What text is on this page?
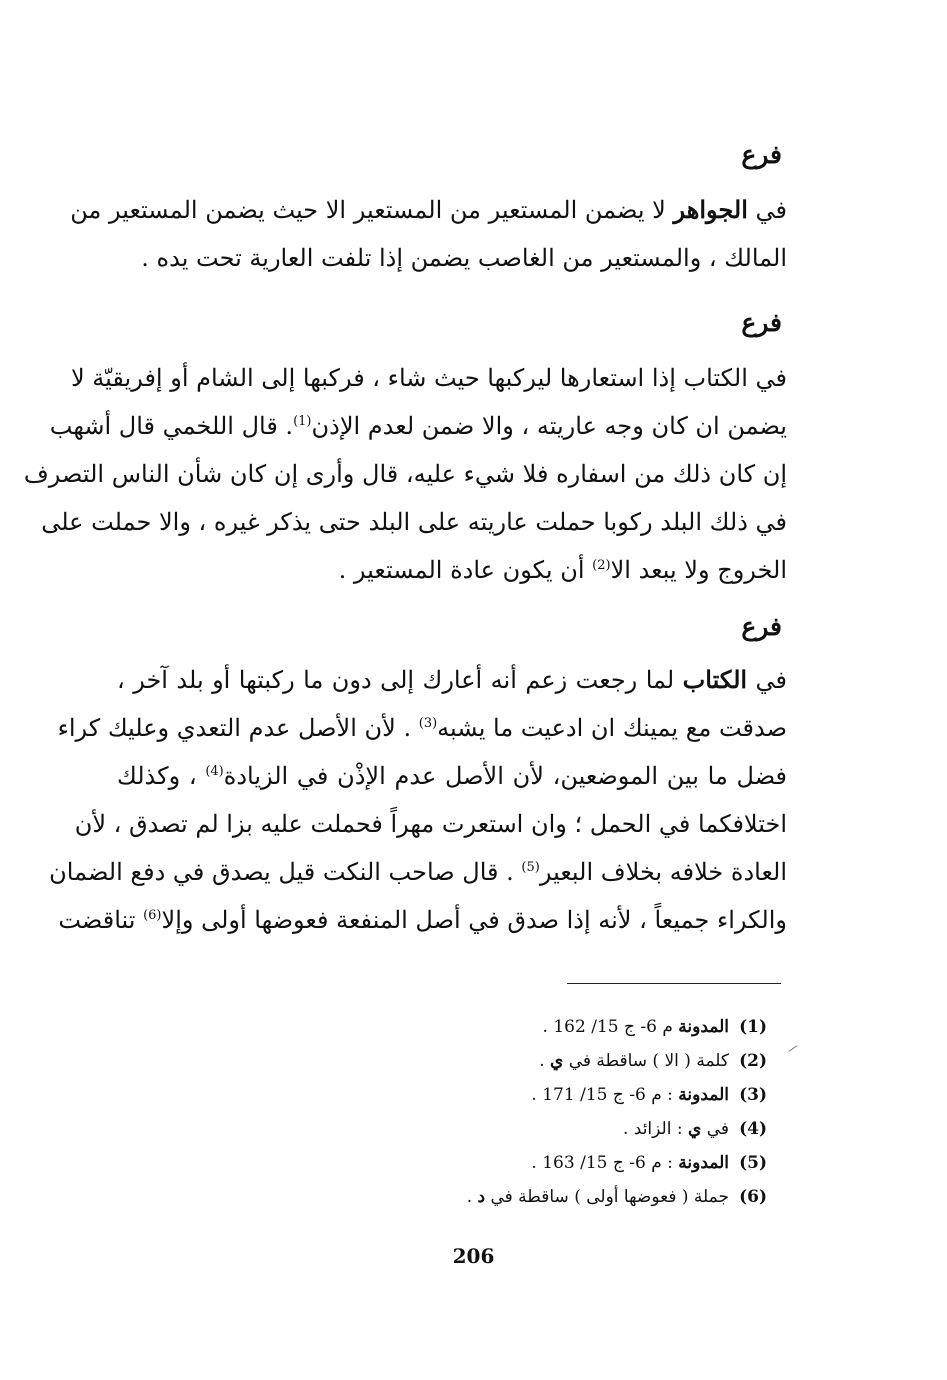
فرع

في الجواهر لا يضمن المستعير من المستعير الا حيث يضمن المستعير من
المالك ، والمستعير من الغاصب يضمن إذا تلفت العارية تحت يده .

فرع

في الكتاب إذا استعارها ليركبها حيث شاء ، فركبها إلى الشام أو إفريقيّة لا
يضمن ان كان وجه عاريته ، والا ضمن لعدم الإذن$^{(1)}$. قال اللخمي قال أشهب
إن كان ذلك من اسفاره فلا شيء عليه، قال وأرى إن كان شأن الناس التصرف
في ذلك البلد ركوبا حملت عاريته على البلد حتى يذكر غيره ، والا حملت على
الخروج ولا يبعد الا$^{(2)}$ أن يكون عادة المستعير .

فرع

في الكتاب لما رجعت زعم أنه أعارك إلى دون ما ركبتها أو بلد آخر ،
صدقت مع يمينك ان ادعيت ما يشبه$^{(3)}$ . لأن الأصل عدم التعدي وعليك كراء
فضل ما بين الموضعين، لأن الأصل عدم الإذْن في الزيادة$^{(4)}$ ، وكذلك
اختلافكما في الحمل ؛ وان استعرت مهراً فحملت عليه بزا لم تصدق ، لأن
العادة خلافه بخلاف البعير$^{(5)}$ . قال صاحب النكت قيل يصدق في دفع الضمان
والكراء جميعاً ، لأنه إذا صدق في أصل المنفعة فعوضها أولى وإلا$^{(6)}$ تناقضت

(1)
المدونة م 6- ج 15/ 162 .
(2)
كلمة ( الا ) ساقطة في ي .
(3)
المدونة : م 6- ج 15/ 171 .
(4)
في ي : الزائد .
(5)
المدونة : م 6- ج 15/ 163 .
(6)
جملة ( فعوضها أولى ) ساقطة في د .
206
